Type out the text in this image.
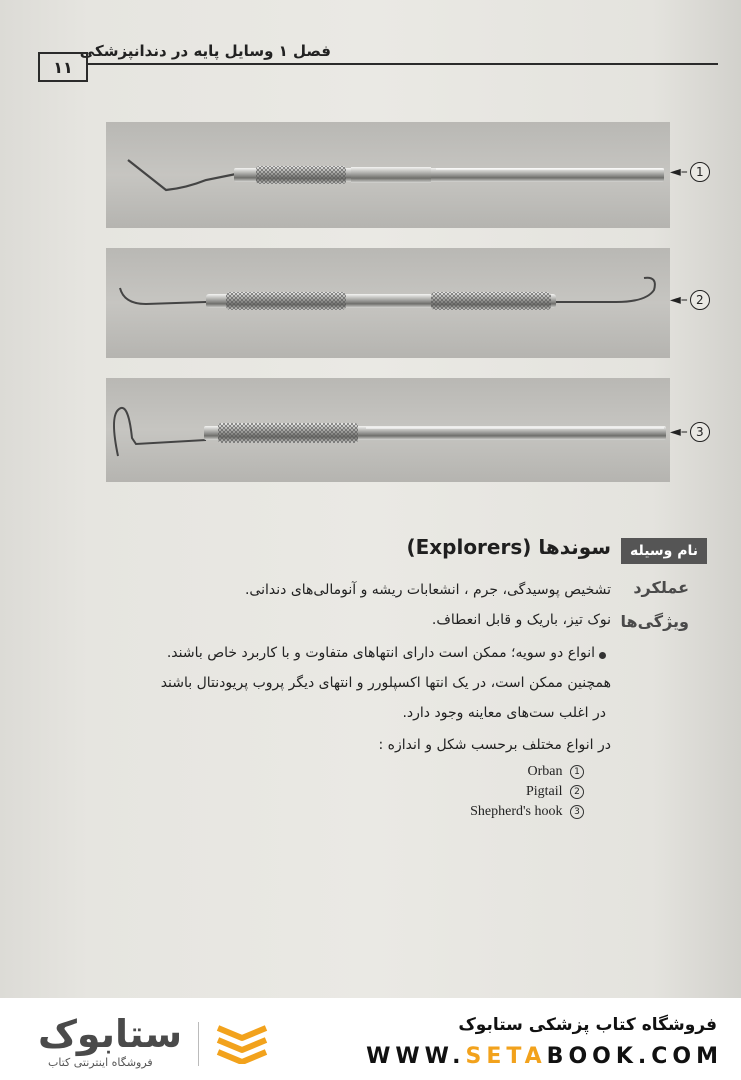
فصل ۱ وسایل پایه در دندانپزشکی
۱۱
◄– 1
◄– 2
◄– 3
نام وسیله
سوندها (Explorers)
عملکرد
تشخیص پوسیدگی، جرم ، انشعابات ریشه و آنومالی‌های دندانی.
ویژگی‌ها
نوک تیز، باریک و قابل انعطاف.
انواع دو سویه؛ ممکن است دارای انتهاهای متفاوت و با کاربرد خاص باشند.
همچنین ممکن است، در یک انتها اکسپلورر و انتهای دیگر پروب پریودنتال باشند
در اغلب ست‌های معاینه وجود دارد.
در انواع مختلف برحسب شکل و اندازه :
Orban 1
Pigtail 2
Shepherd's hook 3
ستابوک
فروشگاه اینترنتی کتاب
فروشگاه کتاب پزشکی ستابوک
WWW.SETABOOK.COM
